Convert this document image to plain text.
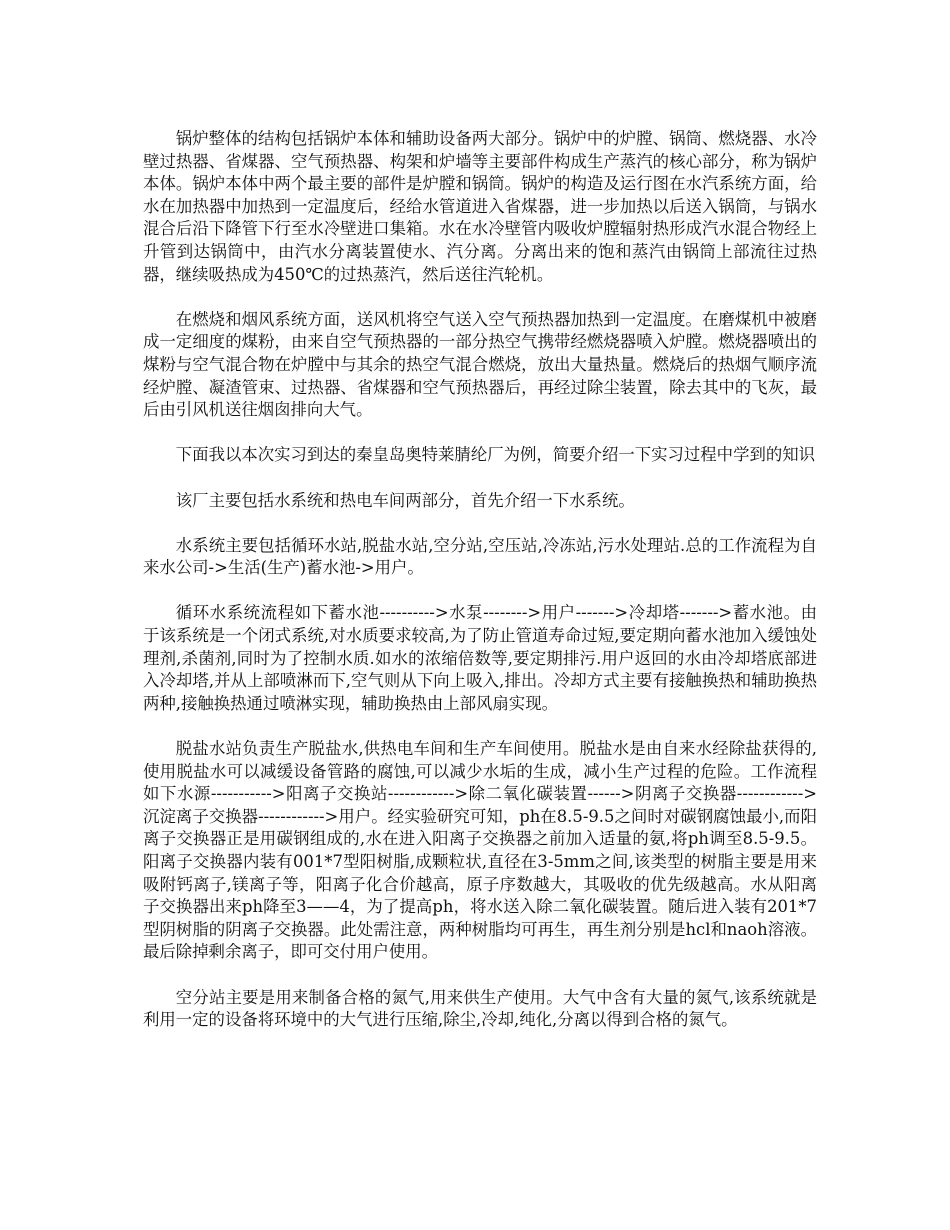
锅炉整体的结构包括锅炉本体和辅助设备两大部分。锅炉中的炉膛、锅筒、燃烧器、水冷壁过热器、省煤器、空气预热器、构架和炉墙等主要部件构成生产蒸汽的核心部分，称为锅炉本体。锅炉本体中两个最主要的部件是炉膛和锅筒。锅炉的构造及运行图在水汽系统方面，给水在加热器中加热到一定温度后，经给水管道进入省煤器，进一步加热以后送入锅筒，与锅水混合后沿下降管下行至水冷壁进口集箱。水在水冷壁管内吸收炉膛辐射热形成汽水混合物经上升管到达锅筒中，由汽水分离装置使水、汽分离。分离出来的饱和蒸汽由锅筒上部流往过热器，继续吸热成为450℃的过热蒸汽，然后送往汽轮机。

在燃烧和烟风系统方面，送风机将空气送入空气预热器加热到一定温度。在磨煤机中被磨成一定细度的煤粉，由来自空气预热器的一部分热空气携带经燃烧器喷入炉膛。燃烧器喷出的煤粉与空气混合物在炉膛中与其余的热空气混合燃烧，放出大量热量。燃烧后的热烟气顺序流经炉膛、凝渣管束、过热器、省煤器和空气预热器后，再经过除尘装置，除去其中的飞灰，最后由引风机送往烟囱排向大气。

下面我以本次实习到达的秦皇岛奥特莱腈纶厂为例，简要介绍一下实习过程中学到的知识

该厂主要包括水系统和热电车间两部分，首先介绍一下水系统。

水系统主要包括循环水站,脱盐水站,空分站,空压站,冷冻站,污水处理站.总的工作流程为自来水公司->生活(生产)蓄水池->用户。

循环水系统流程如下蓄水池---------->水泵-------->用户------->冷却塔------->蓄水池。由于该系统是一个闭式系统,对水质要求较高,为了防止管道寿命过短,要定期向蓄水池加入缓蚀处理剂,杀菌剂,同时为了控制水质.如水的浓缩倍数等,要定期排污.用户返回的水由冷却塔底部进入冷却塔,并从上部喷淋而下,空气则从下向上吸入,排出。冷却方式主要有接触换热和辅助换热两种,接触换热通过喷淋实现，辅助换热由上部风扇实现。

脱盐水站负责生产脱盐水,供热电车间和生产车间使用。脱盐水是由自来水经除盐获得的,使用脱盐水可以减缓设备管路的腐蚀,可以减少水垢的生成，减小生产过程的危险。工作流程如下水源----------->阳离子交换站------------>除二氧化碳装置------>阴离子交换器------------>沉淀离子交换器------------>用户。经实验研究可知，ph在8.5-9.5之间时对碳钢腐蚀最小,而阳离子交换器正是用碳钢组成的,水在进入阳离子交换器之前加入适量的氨,将ph调至8.5-9.5。阳离子交换器内装有001*7型阳树脂,成颗粒状,直径在3-5mm之间,该类型的树脂主要是用来吸附钙离子,镁离子等，阳离子化合价越高，原子序数越大，其吸收的优先级越高。水从阳离子交换器出来ph降至3——4，为了提高ph，将水送入除二氧化碳装置。随后进入装有201*7型阴树脂的阴离子交换器。此处需注意，两种树脂均可再生，再生剂分别是hcl和naoh溶液。最后除掉剩余离子，即可交付用户使用。

空分站主要是用来制备合格的氮气,用来供生产使用。大气中含有大量的氮气,该系统就是利用一定的设备将环境中的大气进行压缩,除尘,冷却,纯化,分离以得到合格的氮气。
